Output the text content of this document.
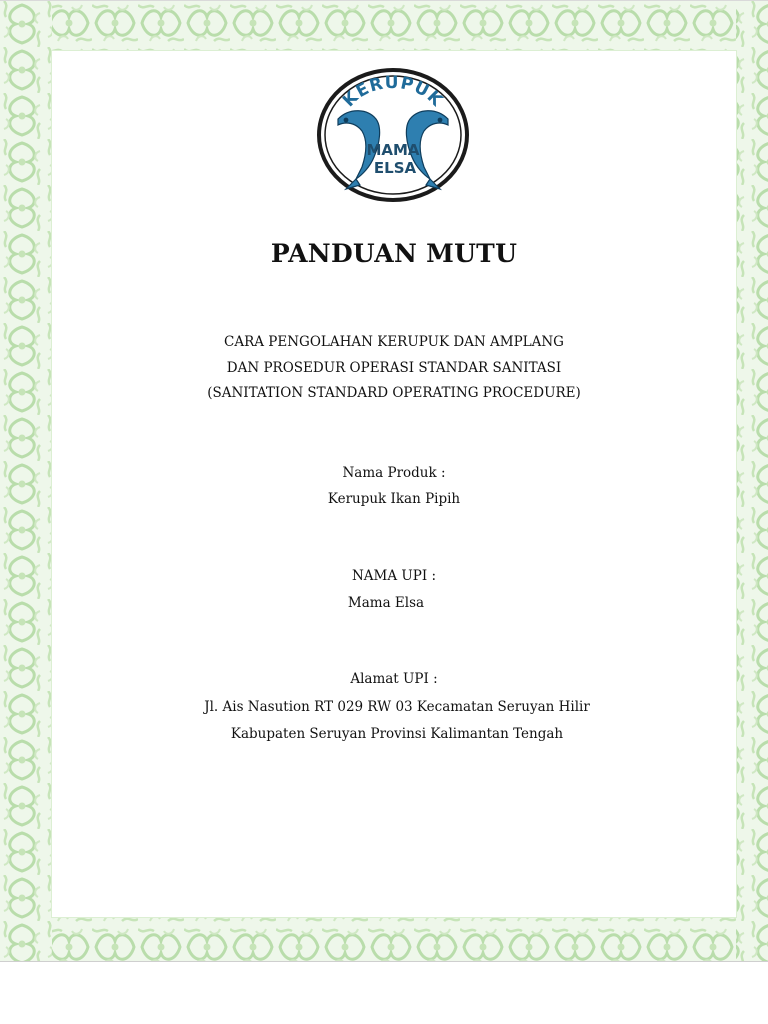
KERUPUK
MAMA
ELSA
PANDUAN MUTU
CARA PENGOLAHAN KERUPUK DAN AMPLANG
DAN PROSEDUR OPERASI STANDAR SANITASI
(SANITATION STANDARD OPERATING PROCEDURE)
Nama Produk :
Kerupuk Ikan Pipih
NAMA UPI :
Mama Elsa
Alamat UPI :
Jl. Ais Nasution RT 029 RW 03 Kecamatan Seruyan Hilir
Kabupaten Seruyan Provinsi Kalimantan Tengah
